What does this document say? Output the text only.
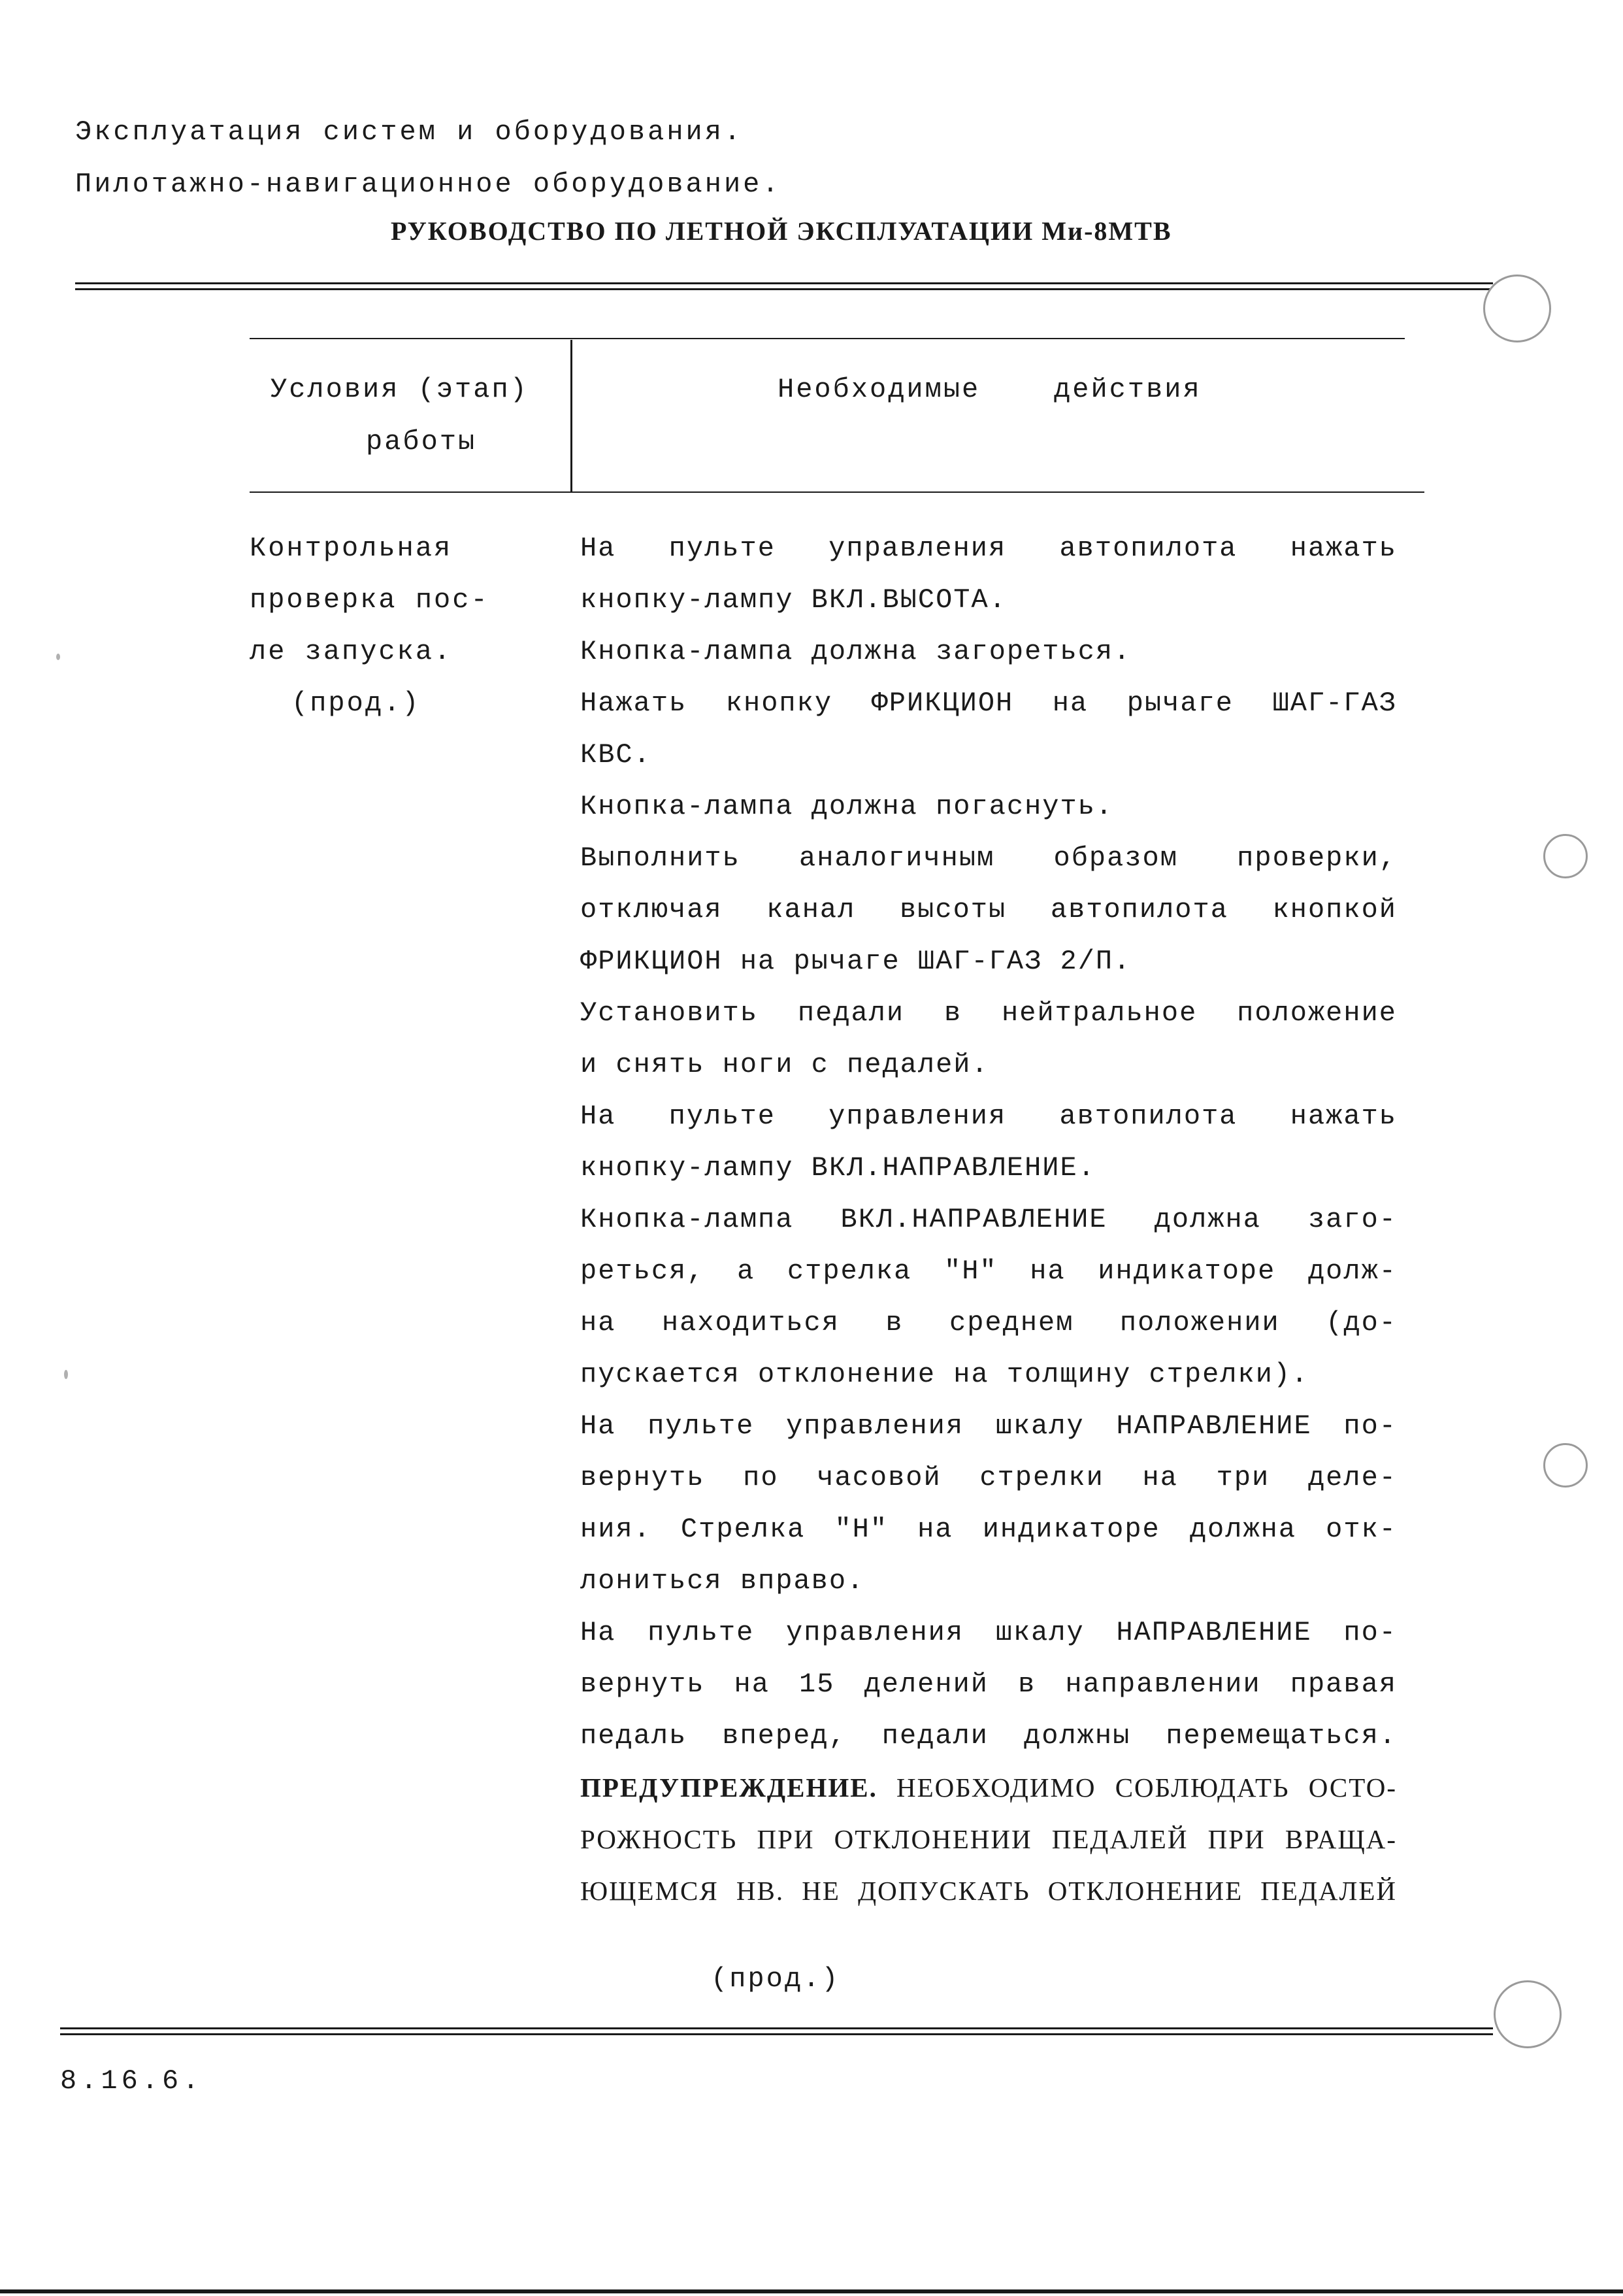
Эксплуатация систем и оборудования.
Пилотажно-навигационное оборудование.
РУКОВОДСТВО ПО ЛЕТНОЙ ЭКСПЛУАТАЦИИ Ми-8МТВ
Условия (этап)
работы
Необходимые    действия
Контрольная
проверка пос-
ле запуска.
(прод.)
На пульте управления автопилота нажать
кнопку-лампу ВКЛ.ВЫСОТА.
Кнопка-лампа должна загореться.
Нажать кнопку ФРИКЦИОН на рычаге ШАГ-ГАЗ
КВС.
Кнопка-лампа должна погаснуть.
Выполнить аналогичным образом проверки,
отключая канал высоты автопилота кнопкой
ФРИКЦИОН на рычаге ШАГ-ГАЗ 2/П.
Установить педали в нейтральное положение
и снять ноги с педалей.
На пульте управления автопилота нажать
кнопку-лампу ВКЛ.НАПРАВЛЕНИЕ.
Кнопка-лампа ВКЛ.НАПРАВЛЕНИЕ должна заго-
реться, а стрелка "Н" на индикаторе долж-
на находиться в среднем положении (до-
пускается отклонение на толщину стрелки).
На пульте управления шкалу НАПРАВЛЕНИЕ по-
вернуть по часовой стрелки на три деле-
ния. Стрелка "Н" на индикаторе должна отк-
лониться вправо.
На пульте управления шкалу НАПРАВЛЕНИЕ по-
вернуть на 15 делений в направлении правая
педаль вперед, педали должны перемещаться.
ПРЕДУПРЕЖДЕНИЕ. НЕОБХОДИМО СОБЛЮДАТЬ ОСТО-
РОЖНОСТЬ ПРИ ОТКЛОНЕНИИ ПЕДАЛЕЙ ПРИ ВРАЩА-
ЮЩЕМСЯ НВ. НЕ ДОПУСКАТЬ ОТКЛОНЕНИЕ ПЕДАЛЕЙ
(прод.)
8.16.6.
